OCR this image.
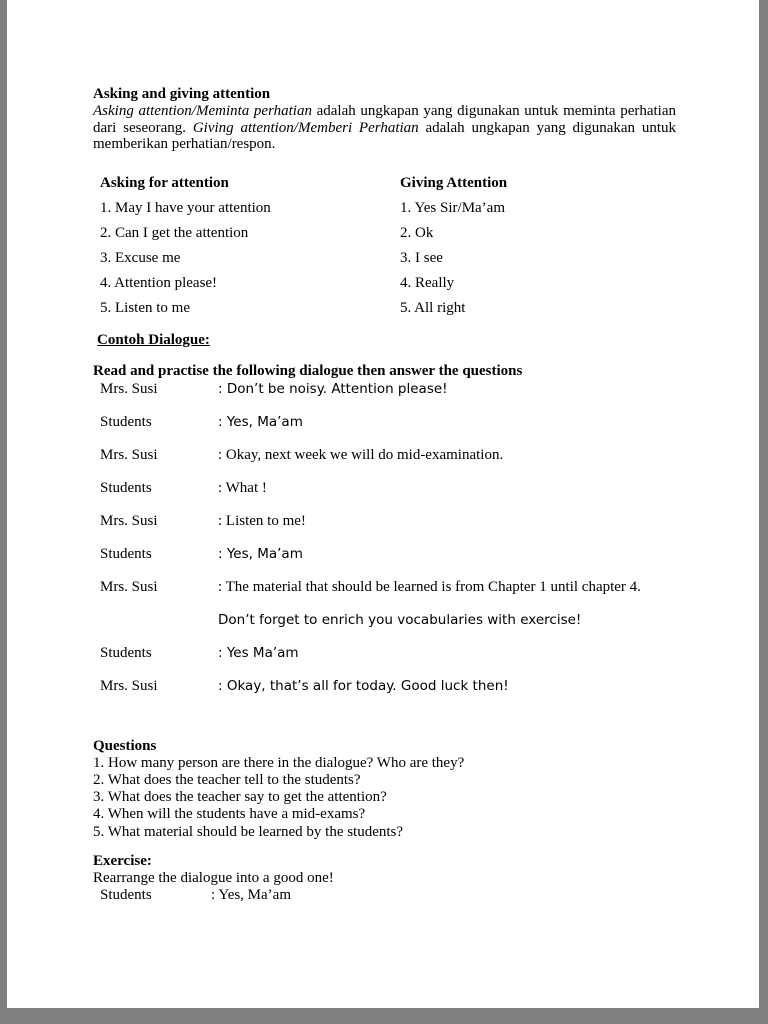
Asking and giving attention
Asking attention/Meminta perhatian adalah ungkapan yang digunakan untuk meminta perhatian dari seseorang. Giving attention/Memberi Perhatian adalah ungkapan yang digunakan untuk memberikan perhatian/respon.
Asking for attention	Giving Attention
1. May I have your attention	1. Yes Sir/Ma’am
2. Can I get the attention	2. Ok
3. Excuse me	3. I see
4. Attention please!	4. Really
5. Listen to me	5. All right
Contoh Dialogue:
Read and practise the following dialogue then answer the questions
Mrs. Susi	: Don’t be noisy. Attention please!
Students	: Yes, Ma’am
Mrs. Susi	: Okay, next week we will do mid-examination.
Students	: What !
Mrs. Susi	: Listen to me!
Students	: Yes, Ma’am
Mrs. Susi	: The material that should be learned is from Chapter 1 until chapter 4.
Don’t forget to enrich you vocabularies with exercise!
Students	: Yes Ma’am
Mrs. Susi	: Okay, that’s all for today. Good luck then!
Questions
1. How many person are there in the dialogue? Who are they?
2. What does the teacher tell to the students?
3. What does the teacher say to get the attention?
4. When will the students have a mid-exams?
5. What material should be learned by the students?
Exercise:
Rearrange the dialogue into a good one!
Students	: Yes, Ma’am
